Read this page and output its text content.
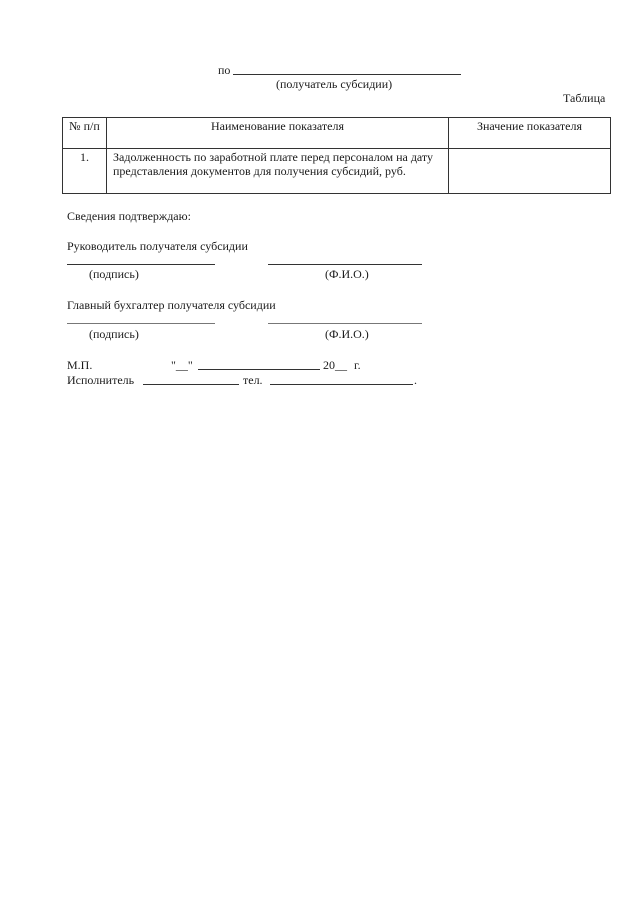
по
(получатель субсидии)
Таблица
№ п/п	Наименование показателя	Значение показателя
1.	Задолженность по заработной плате перед персоналом на дату представления документов для получения субсидий, руб.	
Сведения подтверждаю:
Руководитель получателя субсидии
(подпись)	(Ф.И.О.)
Главный бухгалтер получателя субсидии
(подпись)	(Ф.И.О.)
М.П.	"__"	20__ г.
Исполнитель	тел.	.
